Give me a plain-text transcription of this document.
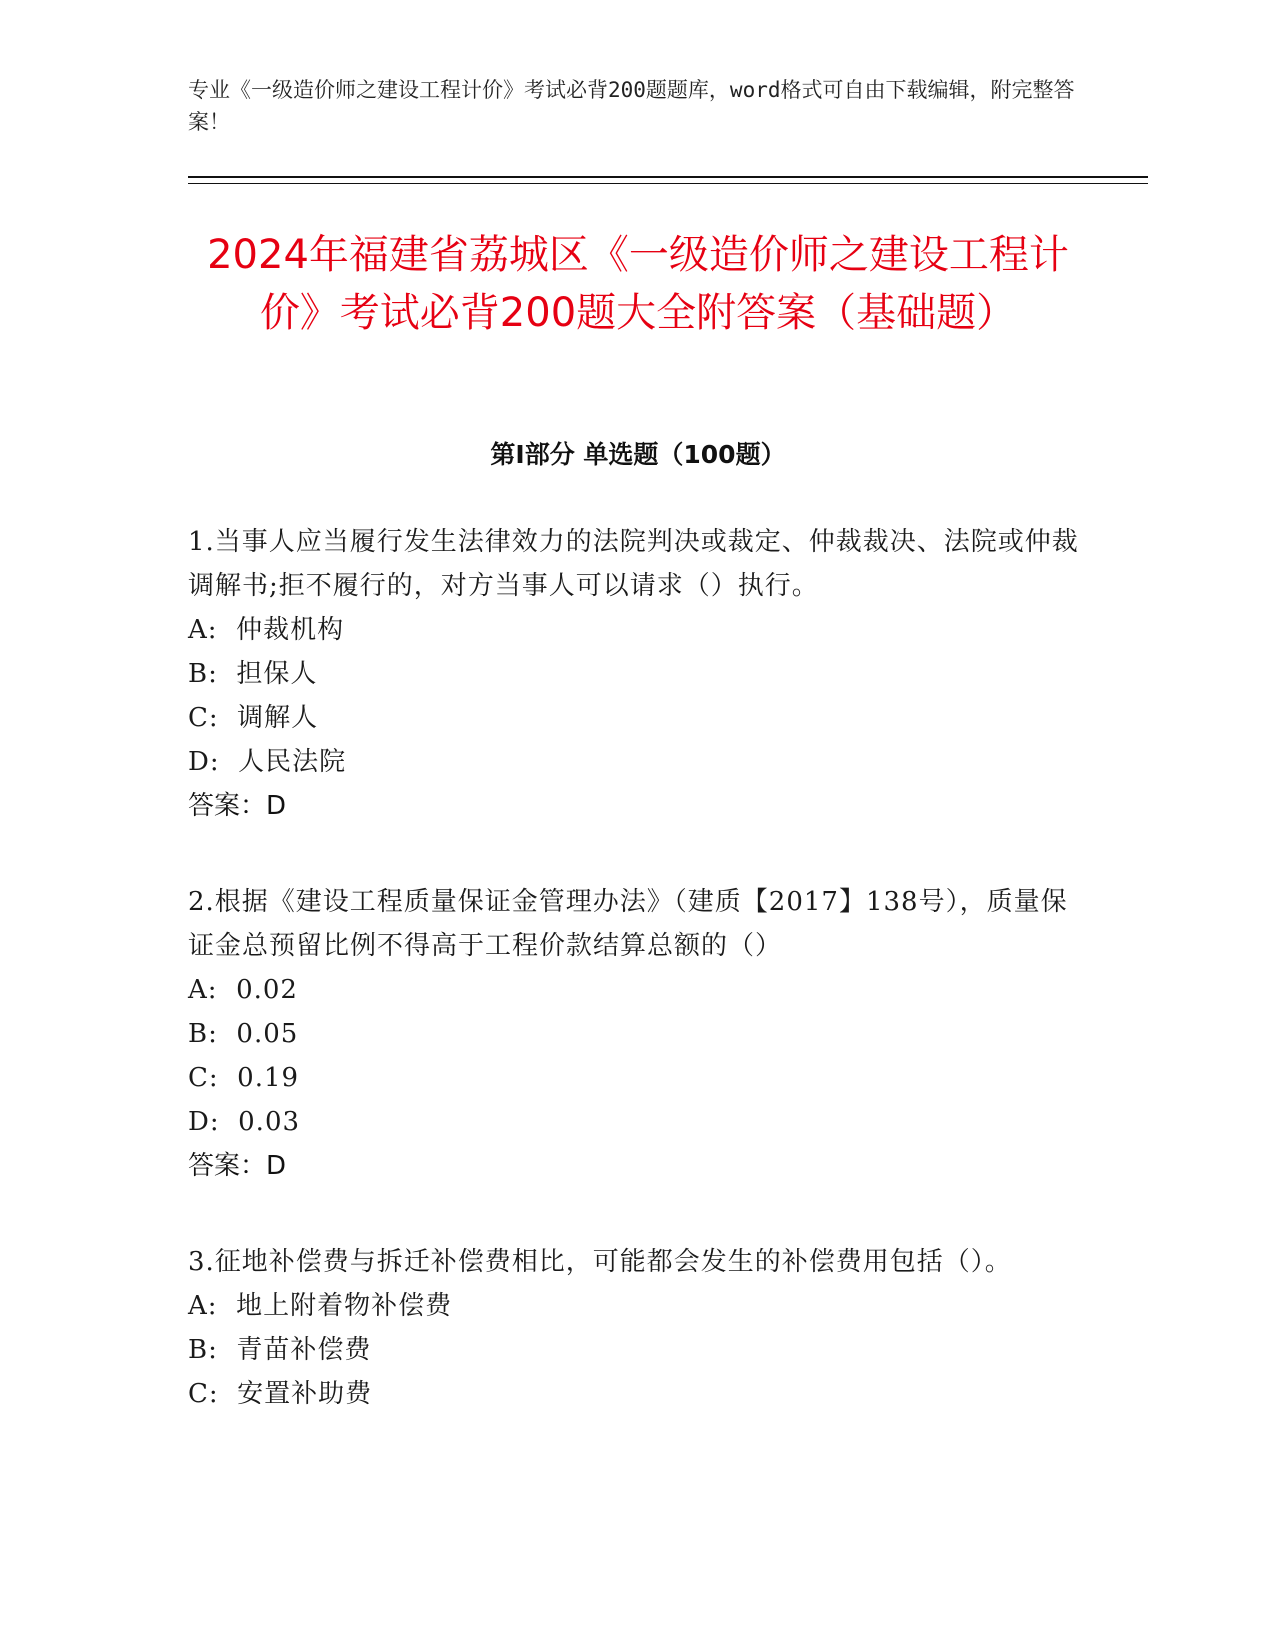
专业《一级造价师之建设工程计价》考试必背200题题库，word格式可自由下载编辑，附完整答案！
2024年福建省荔城区《一级造价师之建设工程计价》考试必背200题大全附答案（基础题）
第I部分 单选题（100题）

1.当事人应当履行发生法律效力的法院判决或裁定、仲裁裁决、法院或仲裁调解书;拒不履行的，对方当事人可以请求（）执行。

A:  仲裁机构

B:  担保人

C:  调解人

D:  人民法院

答案：D

2.根据《建设工程质量保证金管理办法》（建质【2017】138号），质量保证金总预留比例不得高于工程价款结算总额的（）

A:  0.02

B:  0.05

C:  0.19

D:  0.03

答案：D

3.征地补偿费与拆迁补偿费相比，可能都会发生的补偿费用包括（）。

A:  地上附着物补偿费

B:  青苗补偿费

C:  安置补助费
